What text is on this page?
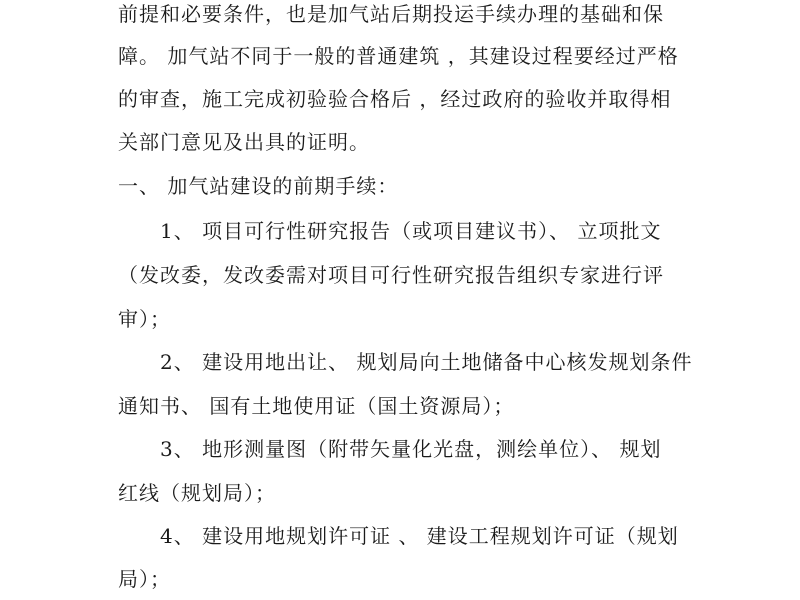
前提和必要条件，也是加气站后期投运手续办理的基础和保
障。 加气站不同于一般的普通建筑 ，其建设过程要经过严格
的审查，施工完成初验验合格后 ，经过政府的验收并取得相
关部门意见及出具的证明。
一、 加气站建设的前期手续：
1、 项目可行性研究报告（或项目建议书）、 立项批文
（发改委，发改委需对项目可行性研究报告组织专家进行评
审）；
2、 建设用地出让、 规划局向土地储备中心核发规划条件
通知书、 国有土地使用证（国土资源局）；
3、 地形测量图（附带矢量化光盘，测绘单位）、 规划
红线（规划局）；
4、 建设用地规划许可证 、 建设工程规划许可证（规划
局）；
